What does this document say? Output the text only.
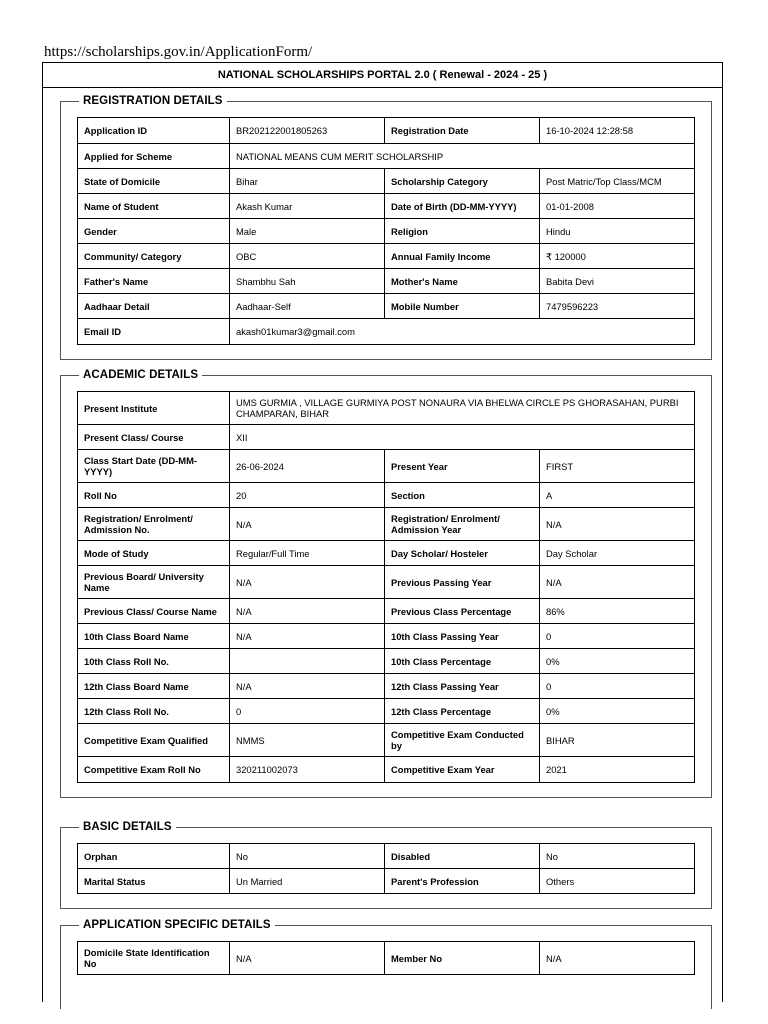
https://scholarships.gov.in/ApplicationForm/
NATIONAL SCHOLARSHIPS PORTAL 2.0 ( Renewal - 2024 - 25 )
REGISTRATION DETAILS
Application ID	BR202122001805263	Registration Date	16-10-2024 12:28:58
Applied for Scheme	NATIONAL MEANS CUM MERIT SCHOLARSHIP		
State of Domicile	Bihar	Scholarship Category	Post Matric/Top Class/MCM
Name of Student	Akash Kumar	Date of Birth (DD-MM-YYYY)	01-01-2008
Gender	Male	Religion	Hindu
Community/ Category	OBC	Annual Family Income	₹ 120000
Father's Name	Shambhu Sah	Mother's Name	Babita Devi
Aadhaar Detail	Aadhaar-Self	Mobile Number	7479596223
Email ID	akash01kumar3@gmail.com		
ACADEMIC DETAILS
Present Institute	UMS GURMIA , VILLAGE GURMIYA POST NONAURA VIA BHELWA CIRCLE PS GHORASAHAN, PURBI CHAMPARAN, BIHAR		
Present Class/ Course	XII		
Class Start Date (DD-MM-YYYY)	26-06-2024	Present Year	FIRST
Roll No	20	Section	A
Registration/ Enrolment/ Admission No.	N/A	Registration/ Enrolment/ Admission Year	N/A
Mode of Study	Regular/Full Time	Day Scholar/ Hosteler	Day Scholar
Previous Board/ University Name	N/A	Previous Passing Year	N/A
Previous Class/ Course Name	N/A	Previous Class Percentage	86%
10th Class Board Name	N/A	10th Class Passing Year	0
10th Class Roll No.		10th Class Percentage	0%
12th Class Board Name	N/A	12th Class Passing Year	0
12th Class Roll No.	0	12th Class Percentage	0%
Competitive Exam Qualified	NMMS	Competitive Exam Conducted by	BIHAR
Competitive Exam Roll No	320211002073	Competitive Exam Year	2021
BASIC DETAILS
Orphan	No	Disabled	No
Marital Status	Un Married	Parent's Profession	Others
APPLICATION SPECIFIC DETAILS
Domicile State Identification No	N/A	Member No	N/A
